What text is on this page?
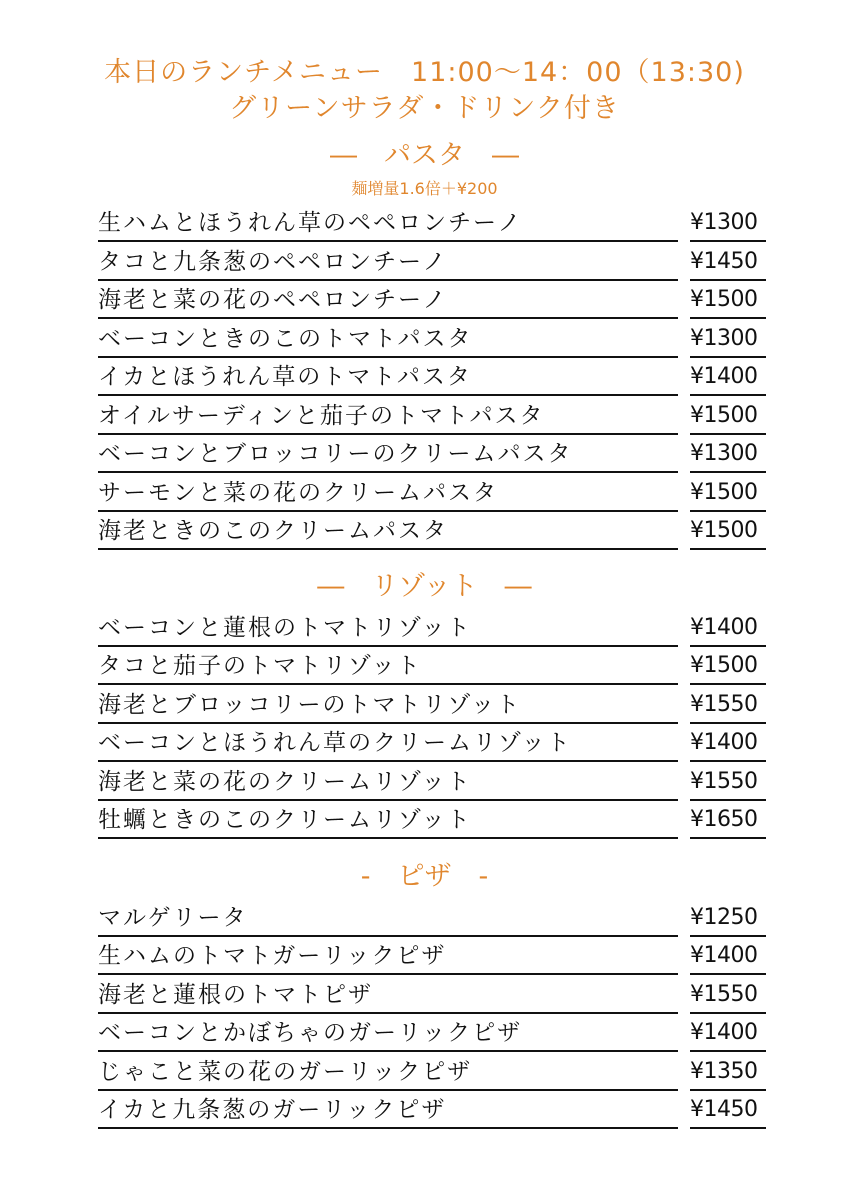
本日のランチメニュー　11:00～14：00（13:30)
グリーンサラダ・ドリンク付き
―　パスタ　―
麺増量1.6倍＋¥200
生ハムとほうれん草のペペロンチーノ	¥1300
タコと九条葱のペペロンチーノ	¥1450
海老と菜の花のペペロンチーノ	¥1500
ベーコンときのこのトマトパスタ	¥1300
イカとほうれん草のトマトパスタ	¥1400
オイルサーディンと茄子のトマトパスタ	¥1500
ベーコンとブロッコリーのクリームパスタ	¥1300
サーモンと菜の花のクリームパスタ	¥1500
海老ときのこのクリームパスタ	¥1500
―　リゾット　―
ベーコンと蓮根のトマトリゾット	¥1400
タコと茄子のトマトリゾット	¥1500
海老とブロッコリーのトマトリゾット	¥1550
ベーコンとほうれん草のクリームリゾット	¥1400
海老と菜の花のクリームリゾット	¥1550
牡蠣ときのこのクリームリゾット	¥1650
-　ピザ　-
マルゲリータ	¥1250
生ハムのトマトガーリックピザ	¥1400
海老と蓮根のトマトピザ	¥1550
ベーコンとかぼちゃのガーリックピザ	¥1400
じゃこと菜の花のガーリックピザ	¥1350
イカと九条葱のガーリックピザ	¥1450
